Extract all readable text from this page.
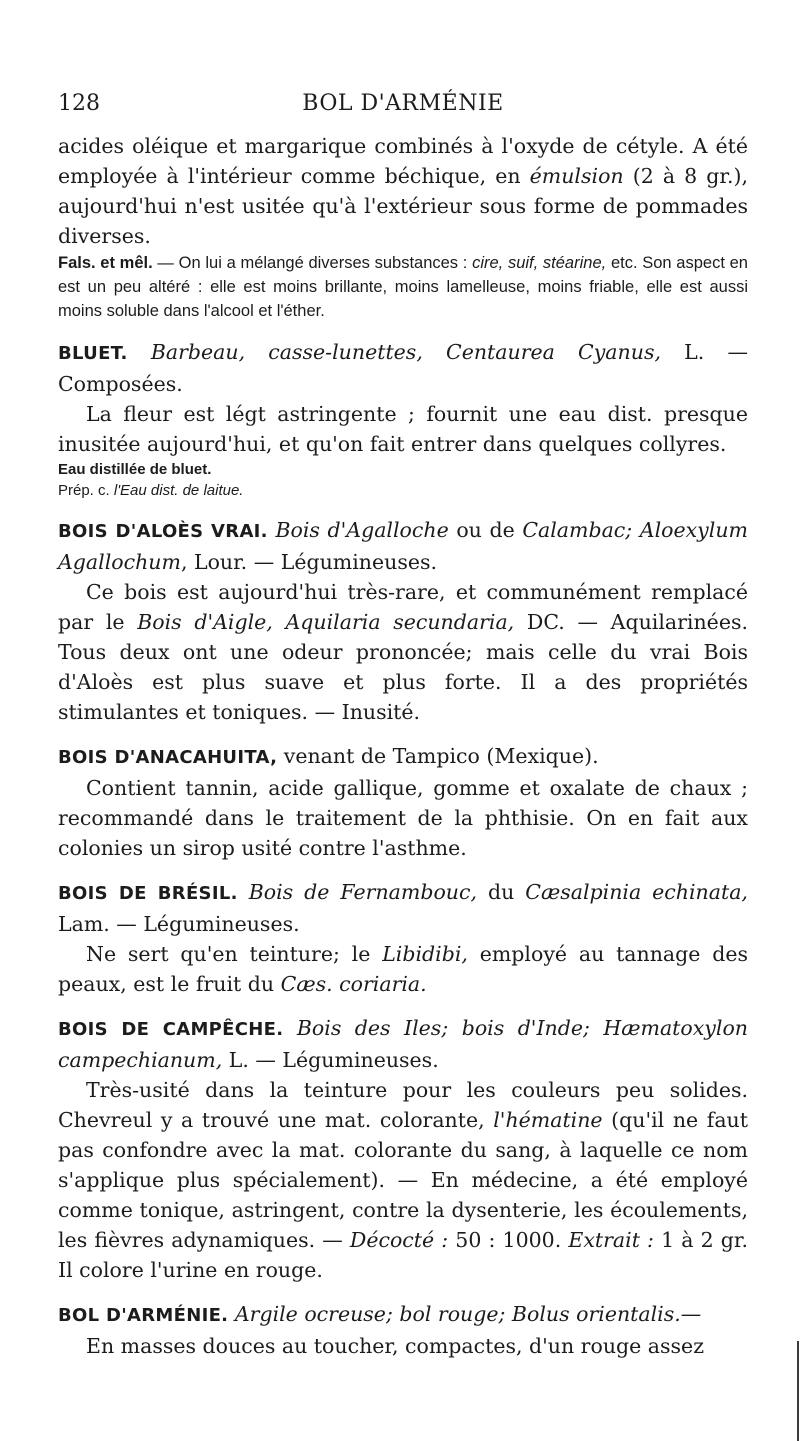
128	BOL D'ARMÉNIE

acides oléique et margarique combinés à l'oxyde de cétyle. A été employée à l'intérieur comme béchique, en émulsion (2 à 8 gr.), aujourd'hui n'est usitée qu'à l'extérieur sous forme de pommades diverses.

Fals. et mêl. — On lui a mélangé diverses substances : cire, suif, stéarine, etc. Son aspect en est un peu altéré : elle est moins brillante, moins lamelleuse, moins friable, elle est aussi moins soluble dans l'alcool et l'éther.

BLUET. Barbeau, casse-lunettes, Centaurea Cyanus, L. — Composées.

La fleur est légt astringente ; fournit une eau dist. presque inusitée aujourd'hui, et qu'on fait entrer dans quelques collyres.

Eau distillée de bluet.

Prép. c. l'Eau dist. de laitue.

BOIS D'ALOÈS VRAI. Bois d'Agalloche ou de Calambac; Aloexylum Agallochum, Lour. — Légumineuses.

Ce bois est aujourd'hui très-rare, et communément remplacé par le Bois d'Aigle, Aquilaria secundaria, DC. — Aquilarinées. Tous deux ont une odeur prononcée; mais celle du vrai Bois d'Aloès est plus suave et plus forte. Il a des propriétés stimulantes et toniques. — Inusité.

BOIS D'ANACAHUITA, venant de Tampico (Mexique).

Contient tannin, acide gallique, gomme et oxalate de chaux ; recommandé dans le traitement de la phthisie. On en fait aux colonies un sirop usité contre l'asthme.

BOIS DE BRÉSIL. Bois de Fernambouc, du Cæsalpinia echinata, Lam. — Légumineuses.

Ne sert qu'en teinture; le Libidibi, employé au tannage des peaux, est le fruit du Cæs. coriaria.

BOIS DE CAMPÊCHE. Bois des Iles; bois d'Inde; Hæmatoxylon campechianum, L. — Légumineuses.

Très-usité dans la teinture pour les couleurs peu solides. Chevreul y a trouvé une mat. colorante, l'hématine (qu'il ne faut pas confondre avec la mat. colorante du sang, à laquelle ce nom s'applique plus spécialement). — En médecine, a été employé comme tonique, astringent, contre la dysenterie, les écoulements, les fièvres adynamiques. — Décocté : 50 : 1000. Extrait : 1 à 2 gr. Il colore l'urine en rouge.

BOL D'ARMÉNIE. Argile ocreuse; bol rouge; Bolus orientalis.—

En masses douces au toucher, compactes, d'un rouge assez
